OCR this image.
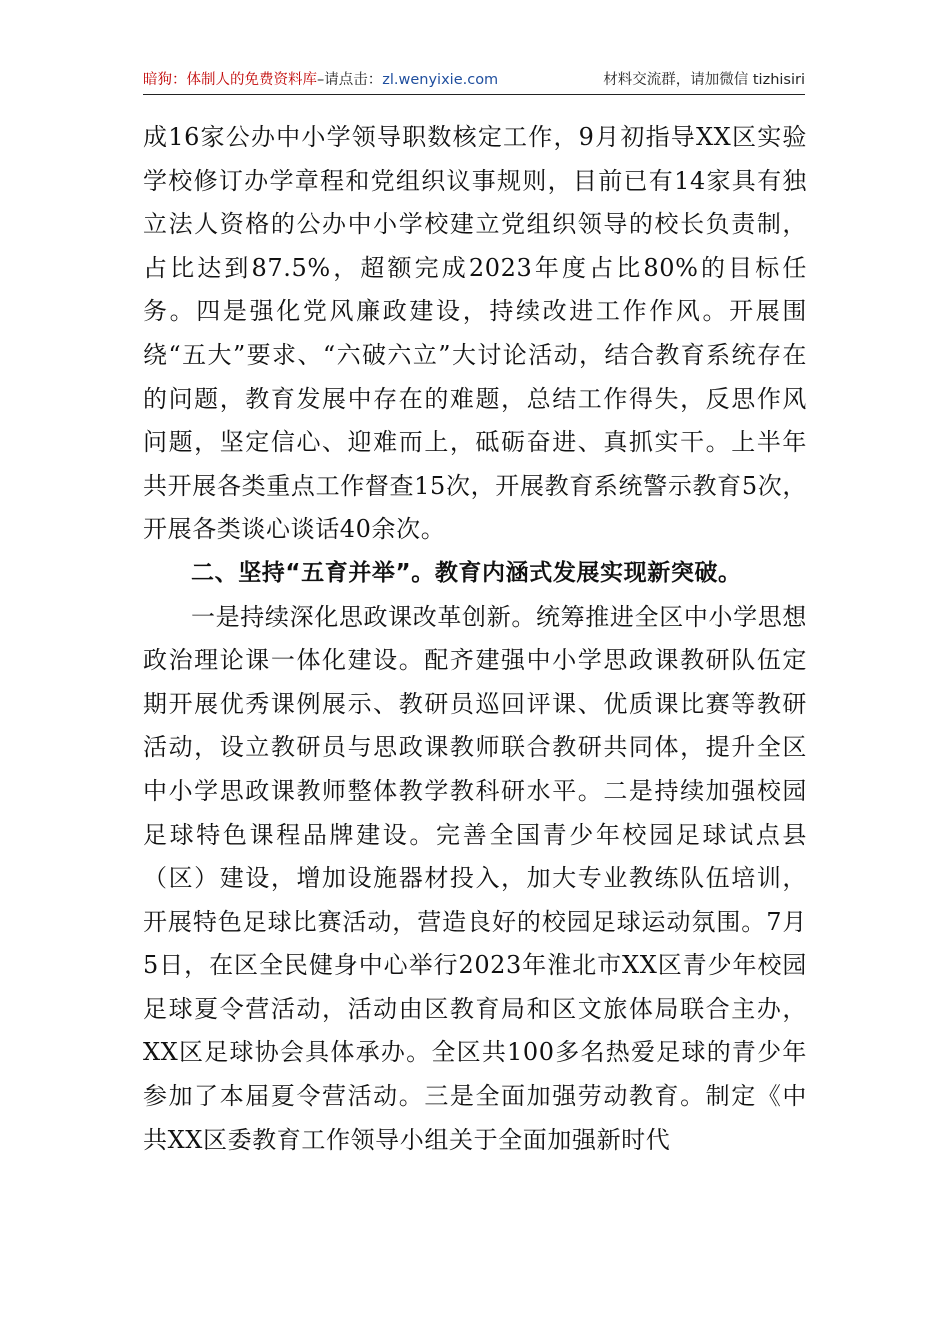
暗狗：体制人的免费资料库–请点击：zl.wenyixie.com	材料交流群，请加微信 tizhisiri

成16家公办中小学领导职数核定工作，9月初指导XX区实验学校修订办学章程和党组织议事规则，目前已有14家具有独立法人资格的公办中小学校建立党组织领导的校长负责制，占比达到87.5%，超额完成2023年度占比80%的目标任务。四是强化党风廉政建设，持续改进工作作风。开展围绕“五大”要求、“六破六立”大讨论活动，结合教育系统存在的问题，教育发展中存在的难题，总结工作得失，反思作风问题，坚定信心、迎难而上，砥砺奋进、真抓实干。上半年共开展各类重点工作督查15次，开展教育系统警示教育5次，开展各类谈心谈话40余次。

二、坚持“五育并举”。教育内涵式发展实现新突破。

一是持续深化思政课改革创新。统筹推进全区中小学思想政治理论课一体化建设。配齐建强中小学思政课教研队伍定期开展优秀课例展示、教研员巡回评课、优质课比赛等教研活动，设立教研员与思政课教师联合教研共同体，提升全区中小学思政课教师整体教学教科研水平。二是持续加强校园足球特色课程品牌建设。完善全国青少年校园足球试点县（区）建设，增加设施器材投入，加大专业教练队伍培训，开展特色足球比赛活动，营造良好的校园足球运动氛围。7月5日，在区全民健身中心举行2023年淮北市XX区青少年校园足球夏令营活动，活动由区教育局和区文旅体局联合主办，XX区足球协会具体承办。全区共100多名热爱足球的青少年参加了本届夏令营活动。三是全面加强劳动教育。制定《中共XX区委教育工作领导小组关于全面加强新时代
